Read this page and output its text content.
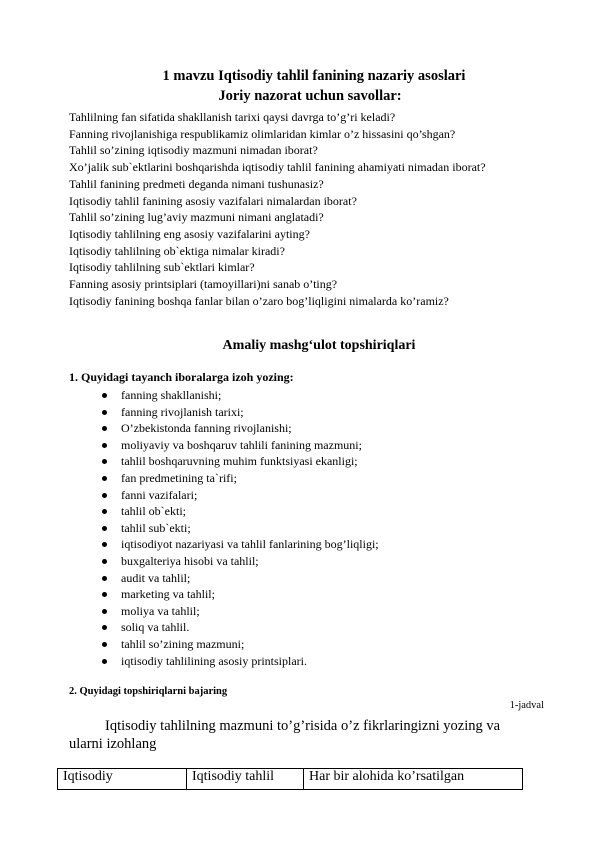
1 mavzu Iqtisodiy tahlil fanining nazariy asoslari
Joriy nazorat uchun savollar:
Tahlilning fan sifatida shakllanish tarixi qaysi davrga to’g’ri keladi?
Fanning rivojlanishiga respublikamiz olimlaridan kimlar o’z hissasini qo’shgan?
Tahlil so’zining iqtisodiy mazmuni nimadan iborat?
Xo’jalik sub`ektlarini boshqarishda iqtisodiy tahlil fanining ahamiyati nimadan iborat?
Tahlil fanining predmeti deganda nimani tushunasiz?
Iqtisodiy tahlil fanining asosiy vazifalari nimalardan iborat?
Tahlil so’zining lug’aviy mazmuni nimani anglatadi?
Iqtisodiy tahlilning eng asosiy vazifalarini ayting?
Iqtisodiy tahlilning ob`ektiga nimalar kiradi?
Iqtisodiy tahlilning sub`ektlari kimlar?
Fanning asosiy printsiplari (tamoyillari)ni sanab o’ting?
Iqtisodiy fanining boshqa fanlar bilan o’zaro bog’liqligini nimalarda ko’ramiz?
Amaliy mashg‘ulot topshiriqlari
1. Quyidagi tayanch iboralarga izoh yozing:
fanning shakllanishi;
fanning rivojlanish tarixi;
O’zbekistonda fanning rivojlanishi;
moliyaviy va boshqaruv tahlili fanining mazmuni;
tahlil boshqaruvning muhim funktsiyasi ekanligi;
fan predmetining ta`rifi;
fanni vazifalari;
tahlil ob`ekti;
tahlil sub`ekti;
iqtisodiyot nazariyasi va tahlil fanlarining bog’liqligi;
buxgalteriya hisobi va tahlil;
audit va tahlil;
marketing va tahlil;
moliya va tahlil;
soliq va tahlil.
tahlil so’zining mazmuni;
iqtisodiy tahlilining asosiy printsiplari.
2. Quyidagi topshiriqlarni bajaring
1-jadval
Iqtisodiy tahlilning mazmuni to’g’risida o’z fikrlaringizni yozing va
ularni izohlang
Iqtisodiy	Iqtisodiy tahlil	Har bir alohida ko’rsatilgan
